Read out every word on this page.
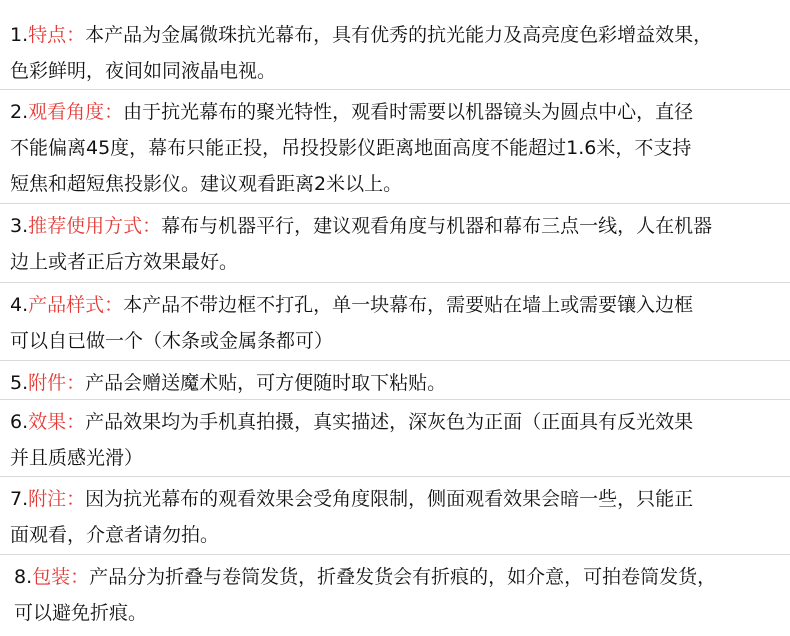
1.特点：本产品为金属微珠抗光幕布，具有优秀的抗光能力及高亮度色彩增益效果，
色彩鲜明，夜间如同液晶电视。
2.观看角度：由于抗光幕布的聚光特性，观看时需要以机器镜头为圆点中心，直径
不能偏离45度，幕布只能正投，吊投投影仪距离地面高度不能超过1.6米，不支持
短焦和超短焦投影仪。建议观看距离2米以上。
3.推荐使用方式：幕布与机器平行，建议观看角度与机器和幕布三点一线，人在机器
边上或者正后方效果最好。
4.产品样式：本产品不带边框不打孔，单一块幕布，需要贴在墙上或需要镶入边框
可以自已做一个（木条或金属条都可）
5.附件：产品会赠送魔术贴，可方便随时取下粘贴。
6.效果：产品效果均为手机真拍摄，真实描述，深灰色为正面（正面具有反光效果
并且质感光滑）
7.附注：因为抗光幕布的观看效果会受角度限制，侧面观看效果会暗一些，只能正
面观看，介意者请勿拍。
8.包装：产品分为折叠与卷筒发货，折叠发货会有折痕的，如介意，可拍卷筒发货，
可以避免折痕。
